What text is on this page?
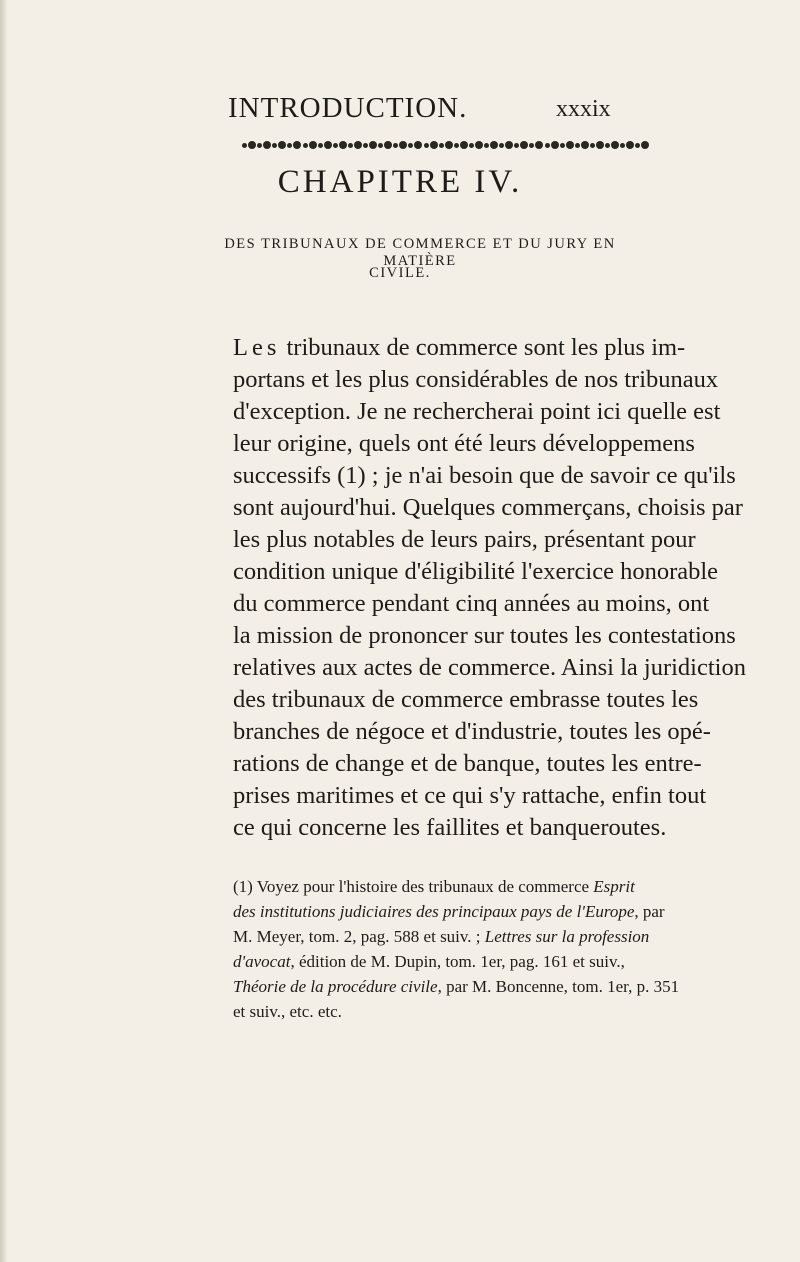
INTRODUCTION.	xxxix
CHAPITRE IV.
DES TRIBUNAUX DE COMMERCE ET DU JURY EN MATIÈRE
CIVILE.
Les tribunaux de commerce sont les plus im-
portans et les plus considérables de nos tribunaux
d'exception. Je ne rechercherai point ici quelle est
leur origine, quels ont été leurs développemens
successifs (1) ; je n'ai besoin que de savoir ce qu'ils
sont aujourd'hui. Quelques commerçans, choisis par
les plus notables de leurs pairs, présentant pour
condition unique d'éligibilité l'exercice honorable
du commerce pendant cinq années au moins, ont
la mission de prononcer sur toutes les contestations
relatives aux actes de commerce. Ainsi la juridiction
des tribunaux de commerce embrasse toutes les
branches de négoce et d'industrie, toutes les opé-
rations de change et de banque, toutes les entre-
prises maritimes et ce qui s'y rattache, enfin tout
ce qui concerne les faillites et banqueroutes.
(1) Voyez pour l'histoire des tribunaux de commerce Esprit
des institutions judiciaires des principaux pays de l'Europe, par
M. Meyer, tom. 2, pag. 588 et suiv. ; Lettres sur la profession
d'avocat, édition de M. Dupin, tom. 1er, pag. 161 et suiv.,
Théorie de la procédure civile, par M. Boncenne, tom. 1er, p. 351
et suiv., etc. etc.
